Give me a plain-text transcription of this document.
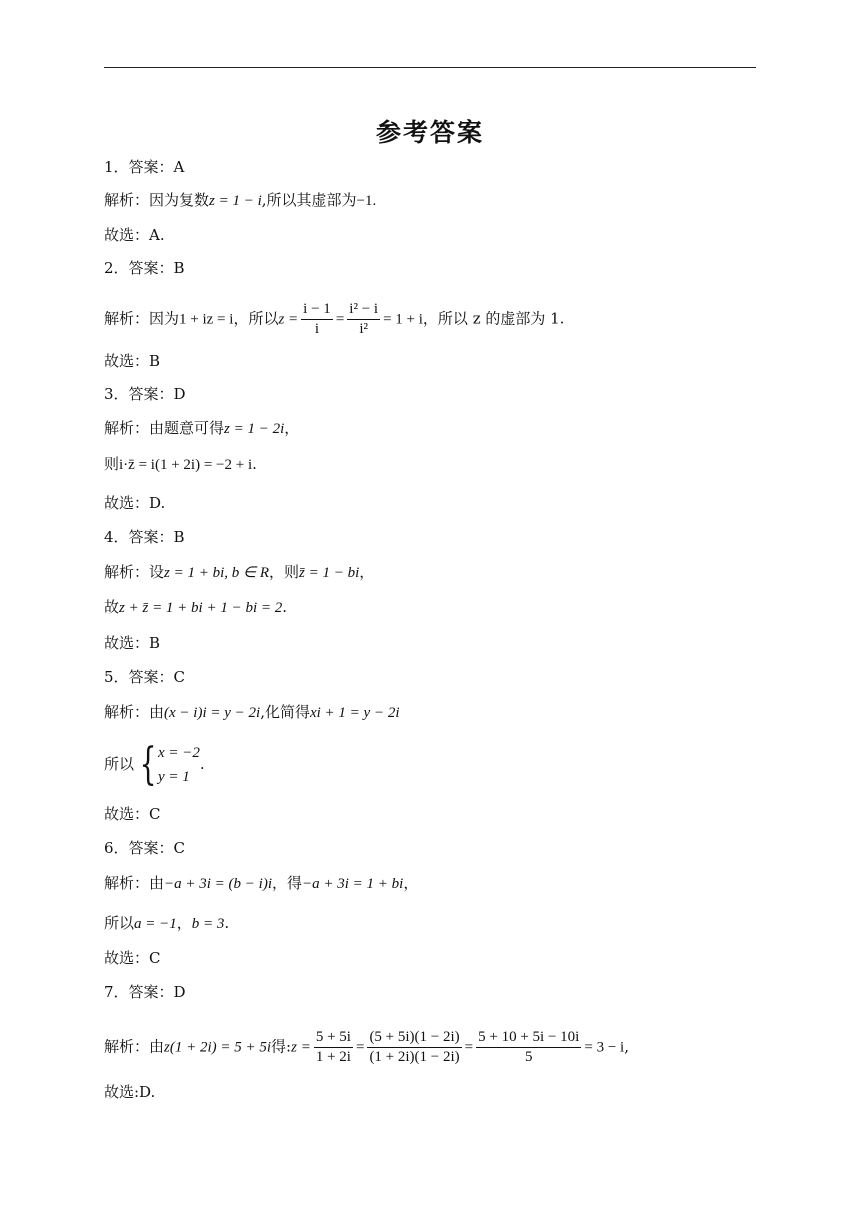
参考答案
1．答案：A
解析：因为复数z = 1 − i,所以其虚部为−1.
故选：A.
2．答案：B
解析：因为1 + iz = i，所以$z = \frac{i - 1}{i} = \frac{\text{i² − i}}{\text{i²}} = 1 + i$，所以 z 的虚部为 1.
故选：B
3．答案：D
解析：由题意可得z = 1 − 2i，
则i·z̄ = i(1 + 2i) = −2 + i.
故选：D.
4．答案：B
解析：设z = 1 + bi, b ∈ R，则z̄ = 1 − bi，
故z + z̄ = 1 + bi + 1 − bi = 2.
故选：B
5．答案：C
解析：由(x − i)i = y − 2i,化简得xi + 1 = y − 2i
所以 { x = −2
y = 1
.
故选：C
6．答案：C
解析：由−a + 3i = (b − i)i，得−a + 3i = 1 + bi，
所以a = −1，b = 3.
故选：C
7．答案：D
解析：由z(1 + 2i) = 5 + 5i得:z = $\frac{5 + 5i}{1 + 2i} = \frac{(5 + 5i)(1 - 2i)}{(1 + 2i)(1 - 2i)} = \frac{5 + 10 + 5i - 10i}{5} = 3 - i$,
故选:D.
